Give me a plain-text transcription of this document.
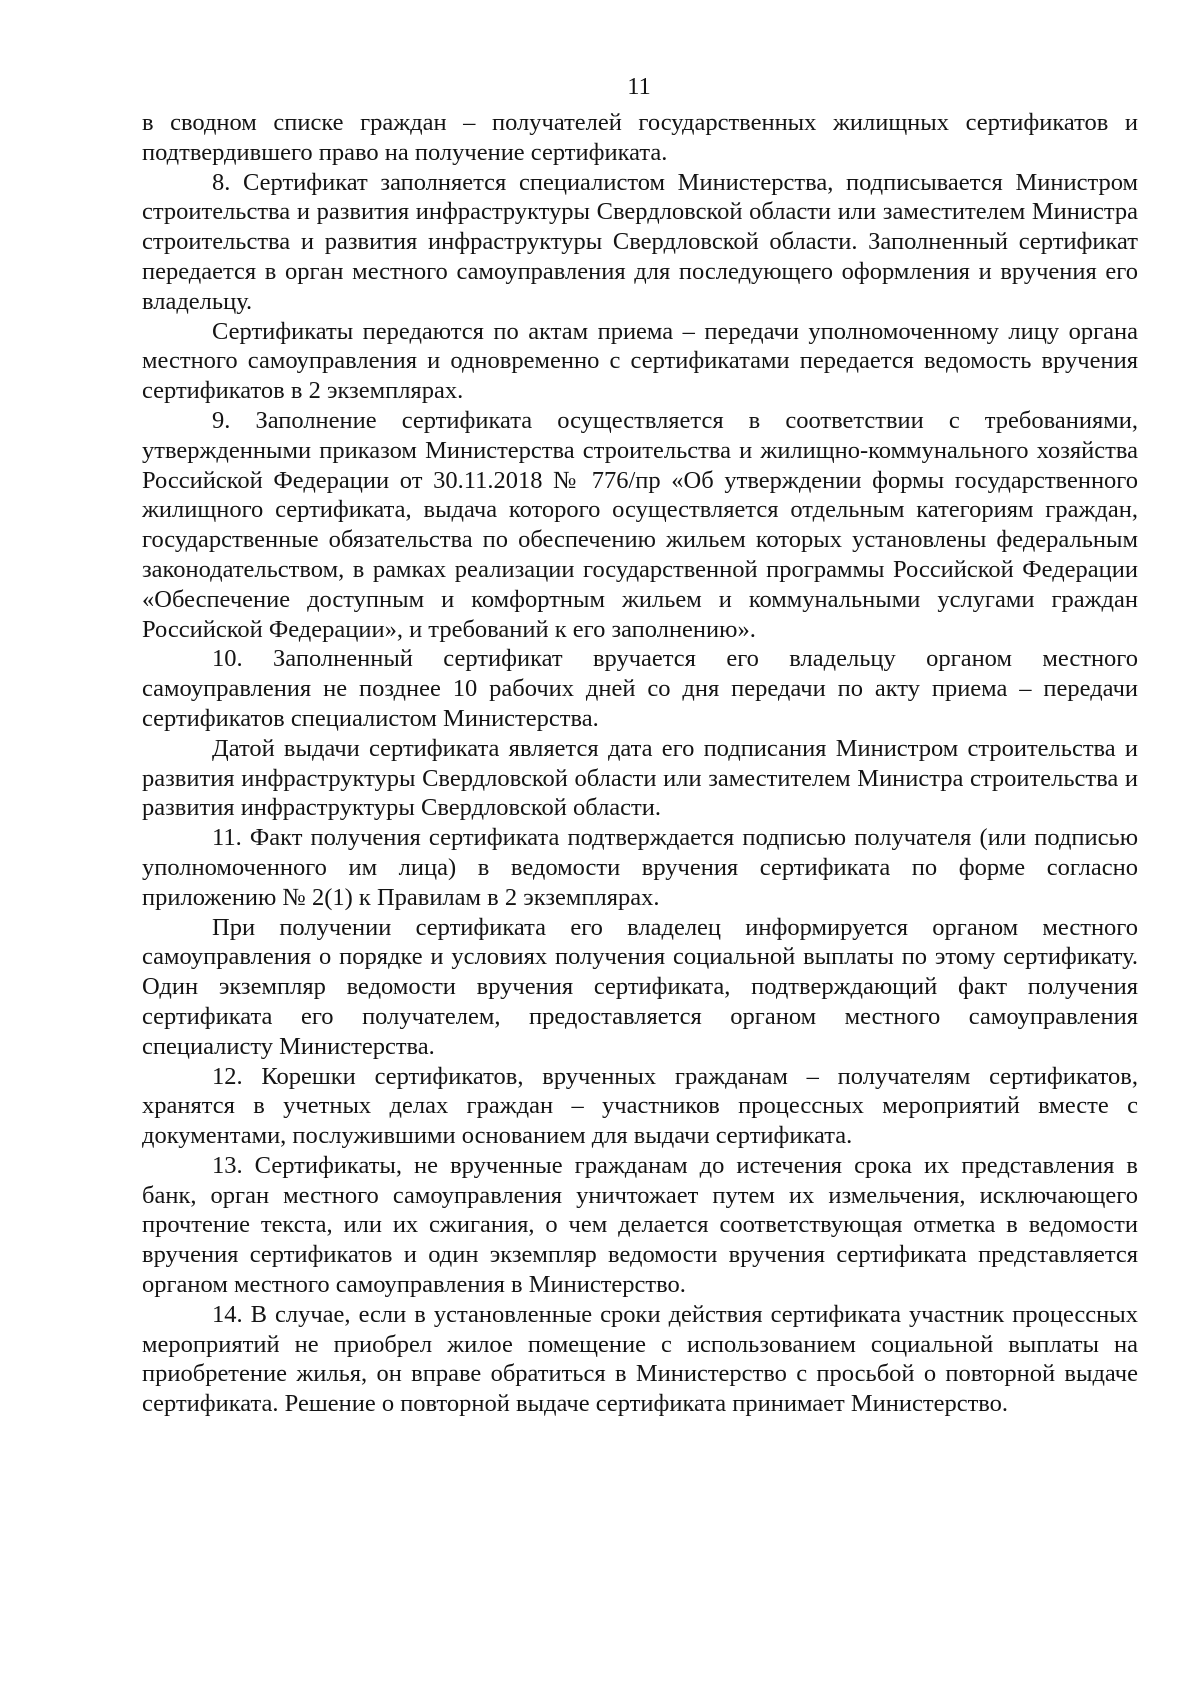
11

в сводном списке граждан – получателей государственных жилищных сертификатов и подтвердившего право на получение сертификата.

8. Сертификат заполняется специалистом Министерства, подписывается Министром строительства и развития инфраструктуры Свердловской области или заместителем Министра строительства и развития инфраструктуры Свердловской области. Заполненный сертификат передается в орган местного самоуправления для последующего оформления и вручения его владельцу.

Сертификаты передаются по актам приема – передачи уполномоченному лицу органа местного самоуправления и одновременно с сертификатами передается ведомость вручения сертификатов в 2 экземплярах.

9. Заполнение сертификата осуществляется в соответствии с требованиями, утвержденными приказом Министерства строительства и жилищно-коммунального хозяйства Российской Федерации от 30.11.2018 № 776/пр «Об утверждении формы государственного жилищного сертификата, выдача которого осуществляется отдельным категориям граждан, государственные обязательства по обеспечению жильем которых установлены федеральным законодательством, в рамках реализации государственной программы Российской Федерации «Обеспечение доступным и комфортным жильем и коммунальными услугами граждан Российской Федерации», и требований к его заполнению».

10. Заполненный сертификат вручается его владельцу органом местного самоуправления не позднее 10 рабочих дней со дня передачи по акту приема – передачи сертификатов специалистом Министерства.

Датой выдачи сертификата является дата его подписания Министром строительства и развития инфраструктуры Свердловской области или заместителем Министра строительства и развития инфраструктуры Свердловской области.

11. Факт получения сертификата подтверждается подписью получателя (или подписью уполномоченного им лица) в ведомости вручения сертификата по форме согласно приложению № 2(1) к Правилам в 2 экземплярах.

При получении сертификата его владелец информируется органом местного самоуправления о порядке и условиях получения социальной выплаты по этому сертификату. Один экземпляр ведомости вручения сертификата, подтверждающий факт получения сертификата его получателем, предоставляется органом местного самоуправления специалисту Министерства.

12. Корешки сертификатов, врученных гражданам – получателям сертификатов, хранятся в учетных делах граждан – участников процессных мероприятий вместе с документами, послужившими основанием для выдачи сертификата.

13. Сертификаты, не врученные гражданам до истечения срока их представления в банк, орган местного самоуправления уничтожает путем их измельчения, исключающего прочтение текста, или их сжигания, о чем делается соответствующая отметка в ведомости вручения сертификатов и один экземпляр ведомости вручения сертификата представляется органом местного самоуправления в Министерство.

14. В случае, если в установленные сроки действия сертификата участник процессных мероприятий не приобрел жилое помещение с использованием социальной выплаты на приобретение жилья, он вправе обратиться в Министерство с просьбой о повторной выдаче сертификата. Решение о повторной выдаче сертификата принимает Министерство.
